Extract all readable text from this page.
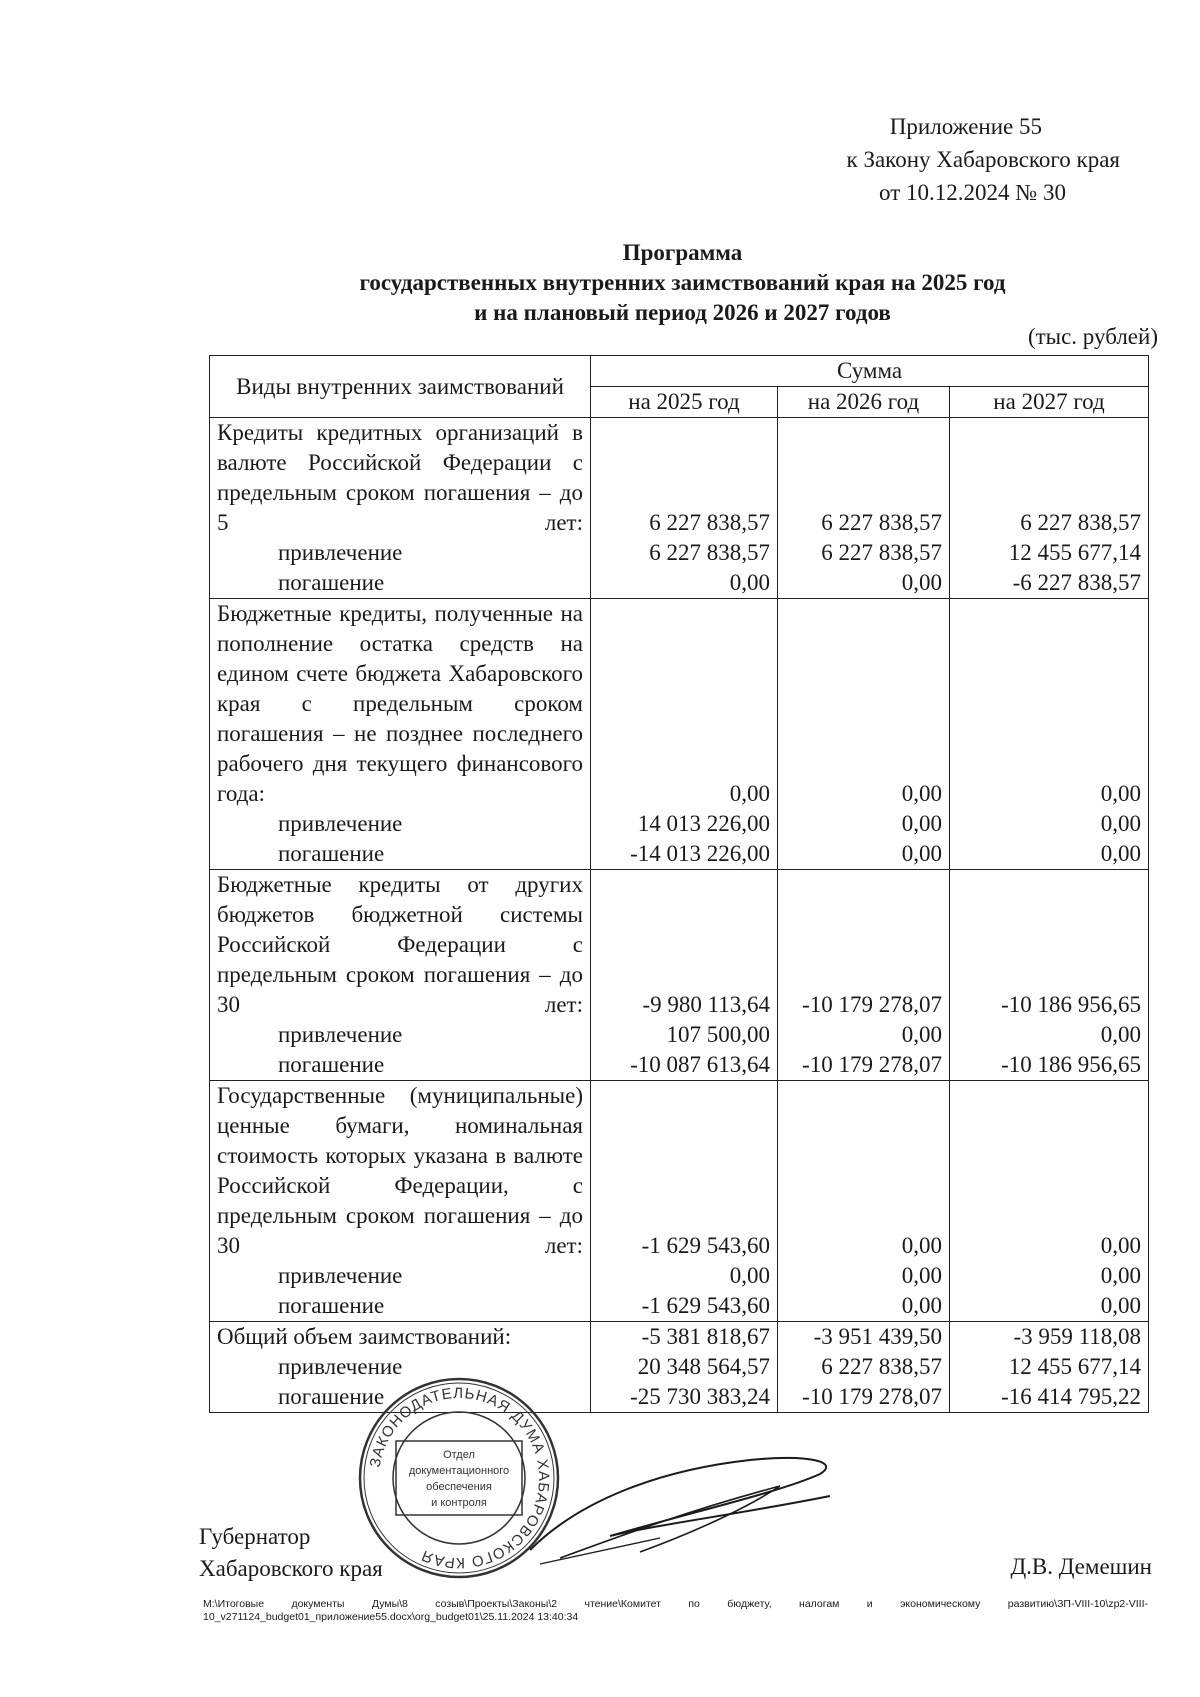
Приложение 55
к Закону Хабаровского края
от 10.12.2024 № 30
Программа
государственных внутренних заимствований края на 2025 год
и на плановый период 2026 и 2027 годов
(тыс. рублей)
Виды внутренних заимствований	Сумма		
	на 2025 год	на 2026 год	на 2027 год
Кредиты кредитных организаций в валюте Российской Федерации с предельным сроком погашения – до 5 лет:	6 227 838,57	6 227 838,57	6 227 838,57
привлечение	6 227 838,57	6 227 838,57	12 455 677,14
погашение	0,00	0,00	-6 227 838,57
Бюджетные кредиты, полученные на пополнение остатка средств на едином счете бюджета Хабаровского края с предельным сроком погашения – не позднее последнего рабочего дня текущего финансового года:	0,00	0,00	0,00
привлечение	14 013 226,00	0,00	0,00
погашение	-14 013 226,00	0,00	0,00
Бюджетные кредиты от других бюджетов бюджетной системы Российской Федерации с предельным сроком погашения – до 30 лет:	-9 980 113,64	-10 179 278,07	-10 186 956,65
привлечение	107 500,00	0,00	0,00
погашение	-10 087 613,64	-10 179 278,07	-10 186 956,65
Государственные (муниципальные) ценные бумаги, номинальная стоимость которых указана в валюте Российской Федерации, с предельным сроком погашения – до 30 лет:	-1 629 543,60	0,00	0,00
привлечение	0,00	0,00	0,00
погашение	-1 629 543,60	0,00	0,00
Общий объем заимствований:	-5 381 818,67	-3 951 439,50	-3 959 118,08
привлечение	20 348 564,57	6 227 838,57	12 455 677,14
погашение	-25 730 383,24	-10 179 278,07	-16 414 795,22
Губернатор
Хабаровского края	Д.В. Демешин
ЗАКОНОДАТЕЛЬНАЯ ДУМА ХАБАРОВСКОГО КРАЯ
Отдел
документационного
обеспечения
и контроля
M:\Итоговые документы Думы\8 созыв\Проекты\Законы\2 чтение\Комитет по бюджету, налогам и экономическому развитию\ЗП-VIII-10\zp2-VIII-10_v271124_budget01_приложение55.docx\org_budget01\25.11.2024 13:40:34
